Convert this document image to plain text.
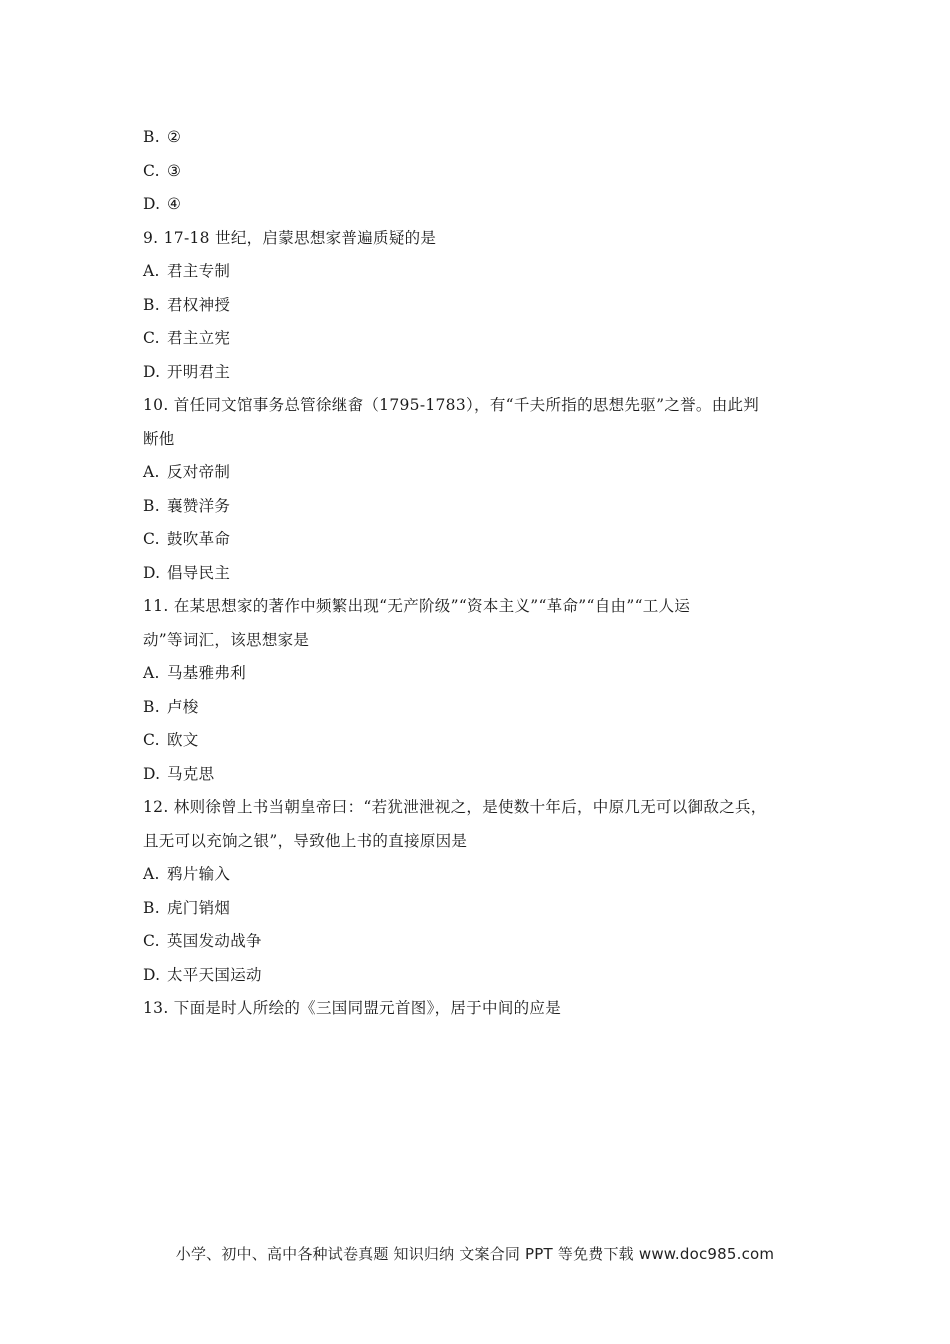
B. ②
C. ③
D. ④
9. 17-18 世纪，启蒙思想家普遍质疑的是
A. 君主专制
B. 君权神授
C. 君主立宪
D. 开明君主
10. 首任同文馆事务总管徐继畲（1795-1783），有“千夫所指的思想先驱”之誉。由此判
断他
A. 反对帝制
B. 襄赞洋务
C. 鼓吹革命
D. 倡导民主
11. 在某思想家的著作中频繁出现“无产阶级”“资本主义”“革命”“自由”“工人运
动”等词汇，该思想家是
A. 马基雅弗利
B. 卢梭
C. 欧文
D. 马克思
12. 林则徐曾上书当朝皇帝曰：“若犹泄泄视之，是使数十年后，中原几无可以御敌之兵，
且无可以充饷之银”，导致他上书的直接原因是
A. 鸦片输入
B. 虎门销烟
C. 英国发动战争
D. 太平天国运动
13. 下面是时人所绘的《三国同盟元首图》，居于中间的应是
小学、初中、高中各种试卷真题 知识归纳 文案合同 PPT 等免费下载 www.doc985.com
